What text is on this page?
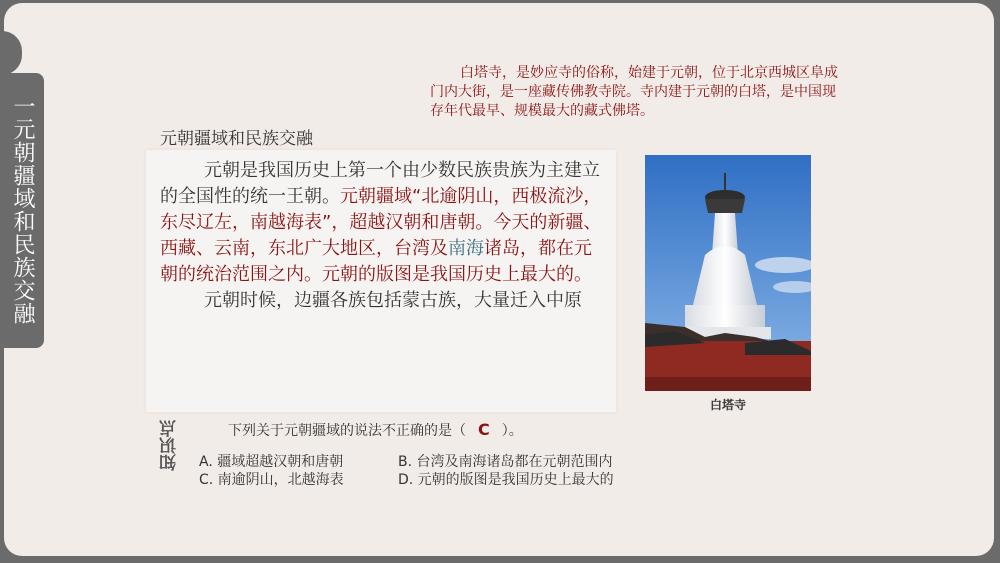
一元朝疆域和民族交融
白塔寺，是妙应寺的俗称，始建于元朝，位于北京西城区阜成门内大街，是一座藏传佛教寺院。寺内建于元朝的白塔，是中国现存年代最早、规模最大的藏式佛塔。
元朝疆域和民族交融

元朝是我国历史上第一个由少数民族贵族为主建立的全国性的统一王朝。元朝疆域“北逾阴山，西极流沙，东尽辽左，南越海表”，超越汉朝和唐朝。今天的新疆、西藏、云南，东北广大地区，台湾及南海诸岛，都在元朝的统治范围之内。元朝的版图是我国历史上最大的。

元朝时候，边疆各族包括蒙古族，大量迁入中原

白塔寺
知识点	下列关于元朝疆域的说法不正确的是（ C ）。
A. 疆域超越汉朝和唐朝	B. 台湾及南海诸岛都在元朝范围内
C. 南逾阴山，北越海表	D. 元朝的版图是我国历史上最大的
